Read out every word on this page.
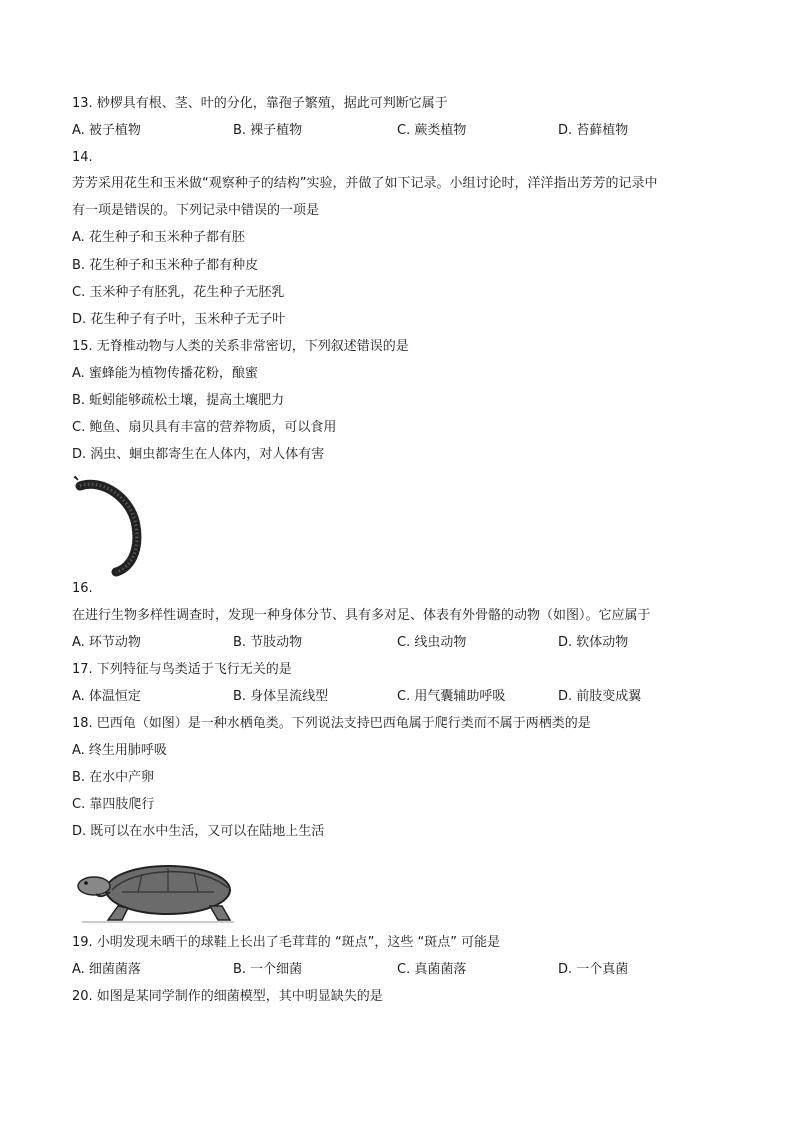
13. 桫椤具有根、茎、叶的分化，靠孢子繁殖，据此可判断它属于
A. 被子植物	B. 裸子植物	C. 蕨类植物	D. 苔藓植物
14.
芳芳采用花生和玉米做“观察种子的结构”实验，并做了如下记录。小组讨论时，洋洋指出芳芳的记录中
有一项是错误的。下列记录中错误的一项是
A. 花生种子和玉米种子都有胚
B. 花生种子和玉米种子都有种皮
C. 玉米种子有胚乳，花生种子无胚乳
D. 花生种子有子叶，玉米种子无子叶
15. 无脊椎动物与人类的关系非常密切，下列叙述错误的是
A. 蜜蜂能为植物传播花粉，酿蜜
B. 蚯蚓能够疏松土壤，提高土壤肥力
C. 鲍鱼、扇贝具有丰富的营养物质，可以食用
D. 涡虫、蛔虫都寄生在人体内，对人体有害
16.
在进行生物多样性调查时，发现一种身体分节、具有多对足、体表有外骨骼的动物（如图）。它应属于
A. 环节动物	B. 节肢动物	C. 线虫动物	D. 软体动物
17. 下列特征与鸟类适于飞行无关的是
A. 体温恒定	B. 身体呈流线型	C. 用气囊辅助呼吸	D. 前肢变成翼
18. 巴西龟（如图）是一种水栖龟类。下列说法支持巴西龟属于爬行类而不属于两栖类的是
A. 终生用肺呼吸
B. 在水中产卵
C. 靠四肢爬行
D. 既可以在水中生活，又可以在陆地上生活
19. 小明发现未晒干的球鞋上长出了毛茸茸的 “斑点”，这些 “斑点” 可能是
A. 细菌菌落	B. 一个细菌	C. 真菌菌落	D. 一个真菌
20. 如图是某同学制作的细菌模型，其中明显缺失的是
